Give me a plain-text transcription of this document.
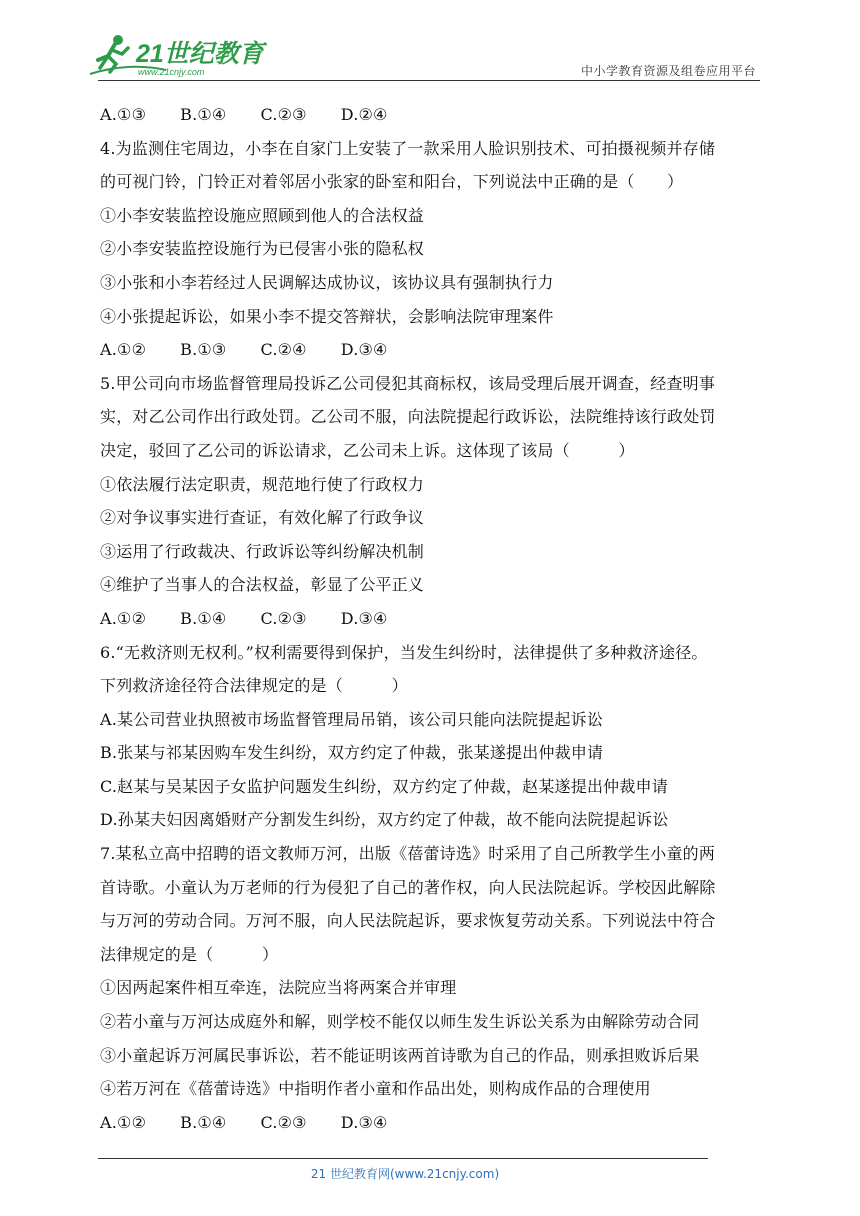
21世纪教育
www.21cnjy.com	中小学教育资源及组卷应用平台
A.①③ B.①④ C.②③ D.②④
4.为监测住宅周边，小李在自家门上安装了一款采用人脸识别技术、可拍摄视频并存储
的可视门铃，门铃正对着邻居小张家的卧室和阳台，下列说法中正确的是（　　）
①小李安装监控设施应照顾到他人的合法权益
②小李安装监控设施行为已侵害小张的隐私权
③小张和小李若经过人民调解达成协议，该协议具有强制执行力
④小张提起诉讼，如果小李不提交答辩状，会影响法院审理案件
A.①② B.①③ C.②④ D.③④
5.甲公司向市场监督管理局投诉乙公司侵犯其商标权，该局受理后展开调查，经查明事
实，对乙公司作出行政处罚。乙公司不服，向法院提起行政诉讼，法院维持该行政处罚
决定，驳回了乙公司的诉讼请求，乙公司未上诉。这体现了该局（　　　）
①依法履行法定职责，规范地行使了行政权力
②对争议事实进行查证，有效化解了行政争议
③运用了行政裁决、行政诉讼等纠纷解决机制
④维护了当事人的合法权益，彰显了公平正义
A.①② B.①④ C.②③ D.③④
6.“无救济则无权利。”权利需要得到保护，当发生纠纷时，法律提供了多种救济途径。
下列救济途径符合法律规定的是（　　　）
A.某公司营业执照被市场监督管理局吊销，该公司只能向法院提起诉讼
B.张某与祁某因购车发生纠纷，双方约定了仲裁，张某遂提出仲裁申请
C.赵某与吴某因子女监护问题发生纠纷，双方约定了仲裁，赵某遂提出仲裁申请
D.孙某夫妇因离婚财产分割发生纠纷，双方约定了仲裁，故不能向法院提起诉讼
7.某私立高中招聘的语文教师万河，出版《蓓蕾诗选》时采用了自己所教学生小童的两
首诗歌。小童认为万老师的行为侵犯了自己的著作权，向人民法院起诉。学校因此解除
与万河的劳动合同。万河不服，向人民法院起诉，要求恢复劳动关系。下列说法中符合
法律规定的是（　　　）
①因两起案件相互牵连，法院应当将两案合并审理
②若小童与万河达成庭外和解，则学校不能仅以师生发生诉讼关系为由解除劳动合同
③小童起诉万河属民事诉讼，若不能证明该两首诗歌为自己的作品，则承担败诉后果
④若万河在《蓓蕾诗选》中指明作者小童和作品出处，则构成作品的合理使用
A.①② B.①④ C.②③ D.③④
21 世纪教育网(www.21cnjy.com)
